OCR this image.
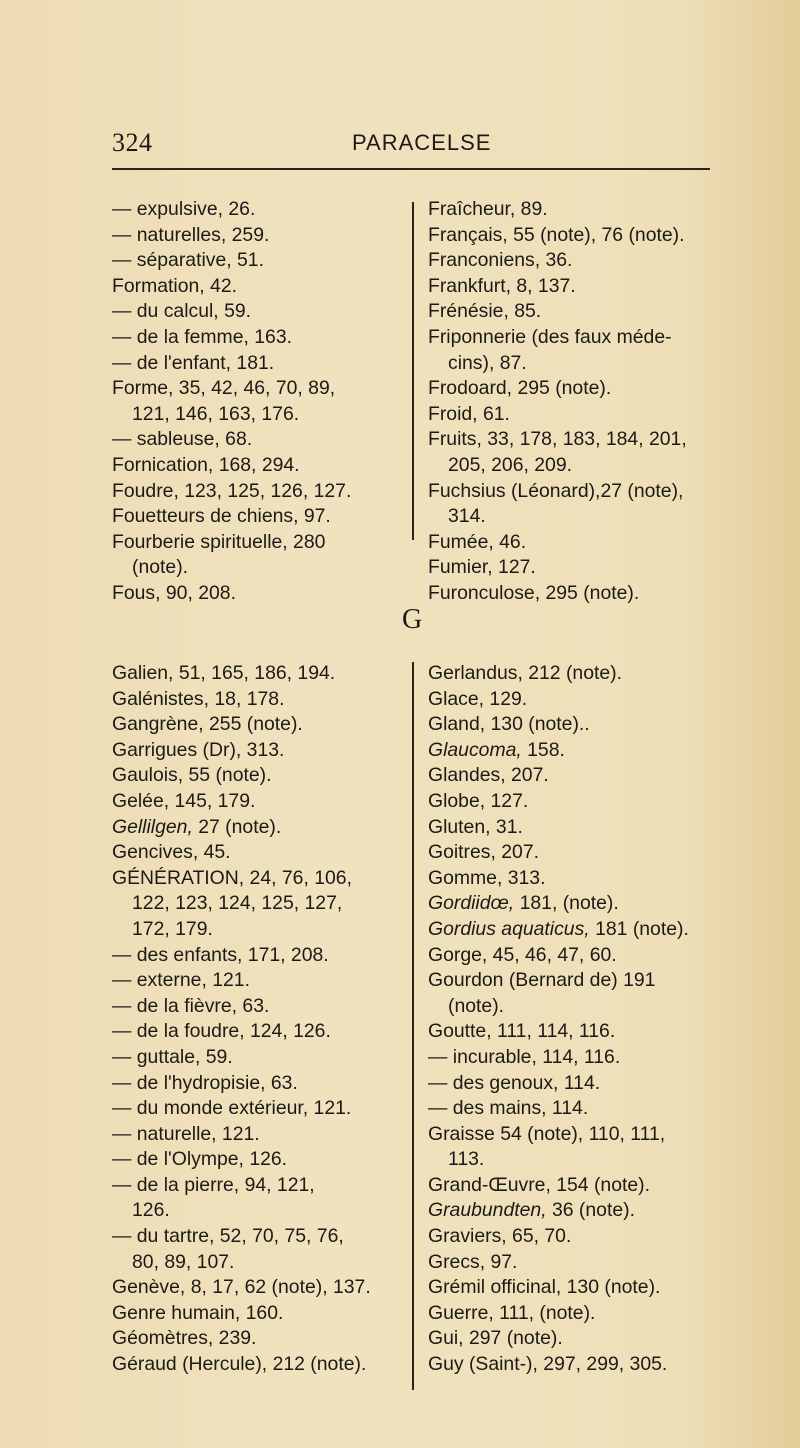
324	PARACELSE
— expulsive, 26.
— naturelles, 259.
— séparative, 51.
Formation, 42.
— du calcul, 59.
— de la femme, 163.
— de l'enfant, 181.
Forme, 35, 42, 46, 70, 89,
121, 146, 163, 176.
— sableuse, 68.
Fornication, 168, 294.
Foudre, 123, 125, 126, 127.
Fouetteurs de chiens, 97.
Fourberie spirituelle, 280
(note).
Fous, 90, 208.
Fraîcheur, 89.
Français, 55 (note), 76 (note).
Franconiens, 36.
Frankfurt, 8, 137.
Frénésie, 85.
Friponnerie (des faux méde-
cins), 87.
Frodoard, 295 (note).
Froid, 61.
Fruits, 33, 178, 183, 184, 201,
205, 206, 209.
Fuchsius (Léonard),27 (note),
314.
Fumée, 46.
Fumier, 127.
Furonculose, 295 (note).
G
Galien, 51, 165, 186, 194.
Galénistes, 18, 178.
Gangrène, 255 (note).
Garrigues (Dr), 313.
Gaulois, 55 (note).
Gelée, 145, 179.
Gellilgen, 27 (note).
Gencives, 45.
GÉNÉRATION, 24, 76, 106,
122, 123, 124, 125, 127,
172, 179.
— des enfants, 171, 208.
— externe, 121.
— de la fièvre, 63.
— de la foudre, 124, 126.
— guttale, 59.
— de l'hydropisie, 63.
— du monde extérieur, 121.
— naturelle, 121.
— de l'Olympe, 126.
— de la pierre, 94, 121,
126.
— du tartre, 52, 70, 75, 76,
80, 89, 107.
Genève, 8, 17, 62 (note), 137.
Genre humain, 160.
Géomètres, 239.
Géraud (Hercule), 212 (note).
Gerlandus, 212 (note).
Glace, 129.
Gland, 130 (note)..
Glaucoma, 158.
Glandes, 207.
Globe, 127.
Gluten, 31.
Goitres, 207.
Gomme, 313.
Gordiidœ, 181, (note).
Gordius aquaticus, 181 (note).
Gorge, 45, 46, 47, 60.
Gourdon (Bernard de) 191
(note).
Goutte, 111, 114, 116.
— incurable, 114, 116.
— des genoux, 114.
— des mains, 114.
Graisse 54 (note), 110, 111,
113.
Grand-Œuvre, 154 (note).
Graubundten, 36 (note).
Graviers, 65, 70.
Grecs, 97.
Grémil officinal, 130 (note).
Guerre, 111, (note).
Gui, 297 (note).
Guy (Saint-), 297, 299, 305.
